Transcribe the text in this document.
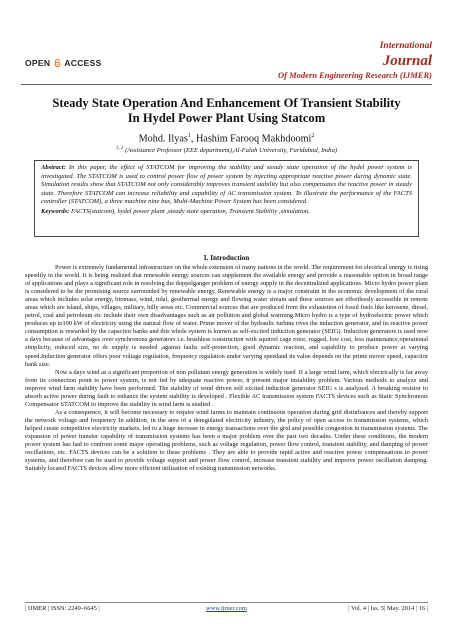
OPEN ACCESS
International
Journal
Of Modern Engineering Research (IJMER)
Steady State Operation And Enhancement Of Transient Stability
In Hydel Power Plant Using Statcom
Mohd. Ilyas$^1$, Hashim Farooq Makhdoomi$^2$
$^{1, 2}$ (Assistance Professor (EEE department),Al-Falah University, Faridabad, India)
Abstract: In this paper, the effect of STATCOM for improving the stability and steady state operation of the hydel power system is investigated. The STATCOM is used to control power flow of power system by injecting appropriate reactive power during dynamic state. Simulation results show that STATCOM not only considerably improves transient stability but also compensates the reactive power in steady state. Therefore STATCOM can increase reliability and capability of AC transmission system. To illustrate the performance of the FACTS controller (STATCOM), a three machine nine bus, Multi-Machine Power System has been considered.
Keywords: FACTS(statcom), hydel power plant ,steady state operation, Transient Stability ,simulation.
I. Introduction

Power is extremely fundamental infrastructure on the whole extension of many nations in the world. The requirement for electrical energy is rising speedily in the world. It is being realized that renewable energy sources can supplement the available energy and provide a reasonable option in broad range of applications and plays a significant role in resolving the doppelganger problem of energy supply in the decentralized applications. Micro hydro power plant is considered to be the promising source surrounded by renewable energy. Renewable energy is a major constraint in the economic development of the rural areas which includes solar energy, biomass, wind, tidal, geothermal energy and flowing water stream and these sources are effortlessly accessible in remote areas which are island, ships, villages, military, hilly areas etc. Commercial sources that are produced from the exhaustion of fossil fuels like kerosene, diesel, petrol, coal and petroleum etc include their own disadvantages such as air pollution and global warming.Micro hydro is a type of hydroelectric power which produces up to100 kW of electricity using the natural flow of water. Prime mover of the hydraulic turbine rives the induction generator, and its reactive power consumption is rewarded by the capacitor banks and this whole system is known as self-excited induction generator (SEIG). Induction generators is used now a days because of advantages over synchronous generators i.e. brushless construction with squirrel cage rotor, rugged, low cost, less maintenance,operational simplicity, reduced size, no dc supply is needed ,against faults self-protection, good dynamic reaction, and capability to produce power at varying speed.Induction generator offers poor voltage regulation, frequency regulation under varying speedand its value depends on the prime mover speed, capacitor bank size.

Now a days wind as a significant proportion of non pollutant energy generation is widely used .If a large wind farm, which electrically is far away from its connection point to power system, is not fed by adequate reactive power, it present major instability problem. Various methods to analyze and improve wind farm stability have been performed. The stability of wind driven self excited induction generator SEIG s is analyzed. A breaking resistor to absorb active power during fault to enhance the system stability is developed . Flexible AC transmission system FACTS devices such as Static Synchronous Compensator STATCOM to improve the stability in wind farm is studied .

As a consequence, it will become necessary to require wind farms to maintain continuous operation during grid disturbances and thereby support the network voltage and frequency In addition, in the area of a deregulated electricity industry, the policy of open access to transmission systems, which helped create competitive electricity markets, led to a huge increase in energy transactions over the grid and possible congestion in transmission systems. The expansion of power transfer capability of transmission systems has been a major problem over the past two decades. Under these conditions, the modern power system has had to confront some major operating problems, such as voltage regulation, power flow control, transient stability, and damping of power oscillations, etc. FACTS devices can be a solution to these problems . They are able to provide rapid active and reactive power compensations to power systems, and therefore can be used to provide voltage support and power flow control, increase transient stability and improve power oscillation damping. Suitably located FACTS devices allow more efficient utilization of existing transmission networks.

| IJMER | ISSN: 2249–6645 |	www.ijmer.com	| Vol. 4 | Iss. 5| May. 2014 | 16 |
